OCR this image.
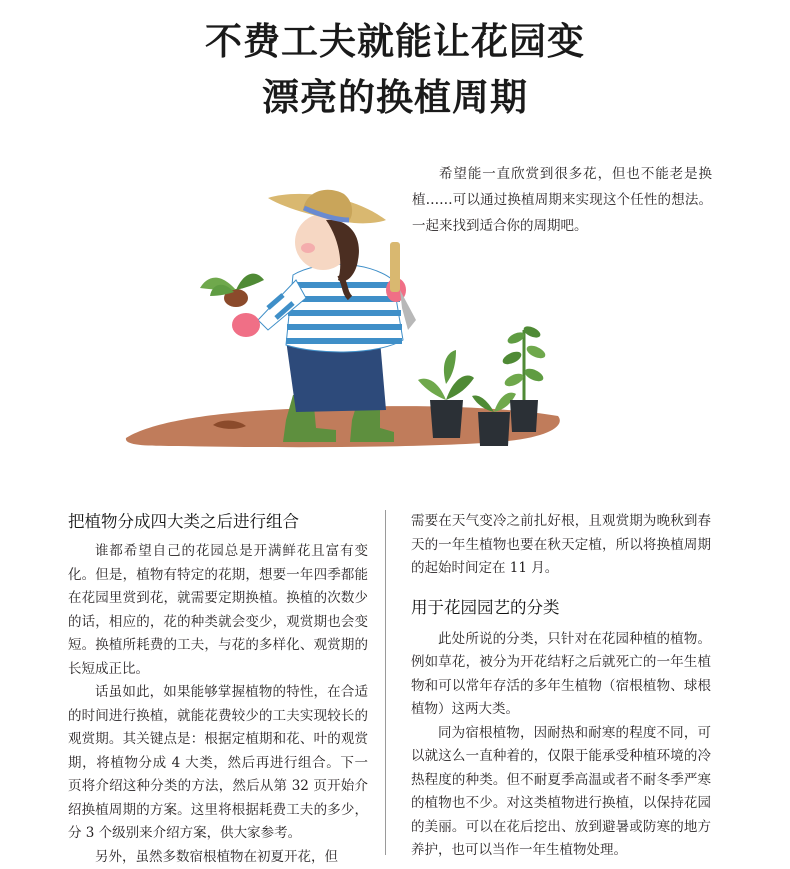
不费工夫就能让花园变
漂亮的换植周期

希望能一直欣赏到很多花，但也不能老是换植……可以通过换植周期来实现这个任性的想法。一起来找到适合你的周期吧。

把植物分成四大类之后进行组合

谁都希望自己的花园总是开满鲜花且富有变化。但是，植物有特定的花期，想要一年四季都能在花园里赏到花，就需要定期换植。换植的次数少的话，相应的，花的种类就会变少，观赏期也会变短。换植所耗费的工夫，与花的多样化、观赏期的长短成正比。

话虽如此，如果能够掌握植物的特性，在合适的时间进行换植，就能花费较少的工夫实现较长的观赏期。其关键点是：根据定植期和花、叶的观赏期，将植物分成 4 大类，然后再进行组合。下一页将介绍这种分类的方法，然后从第 32 页开始介绍换植周期的方案。这里将根据耗费工夫的多少，分 3 个级别来介绍方案，供大家参考。

另外，虽然多数宿根植物在初夏开花，但

需要在天气变冷之前扎好根，且观赏期为晚秋到春天的一年生植物也要在秋天定植，所以将换植周期的起始时间定在 11 月。

用于花园园艺的分类

此处所说的分类，只针对在花园种植的植物。例如草花，被分为开花结籽之后就死亡的一年生植物和可以常年存活的多年生植物（宿根植物、球根植物）这两大类。

同为宿根植物，因耐热和耐寒的程度不同，可以就这么一直种着的，仅限于能承受种植环境的冷热程度的种类。但不耐夏季高温或者不耐冬季严寒的植物也不少。对这类植物进行换植，以保持花园的美丽。可以在花后挖出、放到避暑或防寒的地方养护，也可以当作一年生植物处理。
